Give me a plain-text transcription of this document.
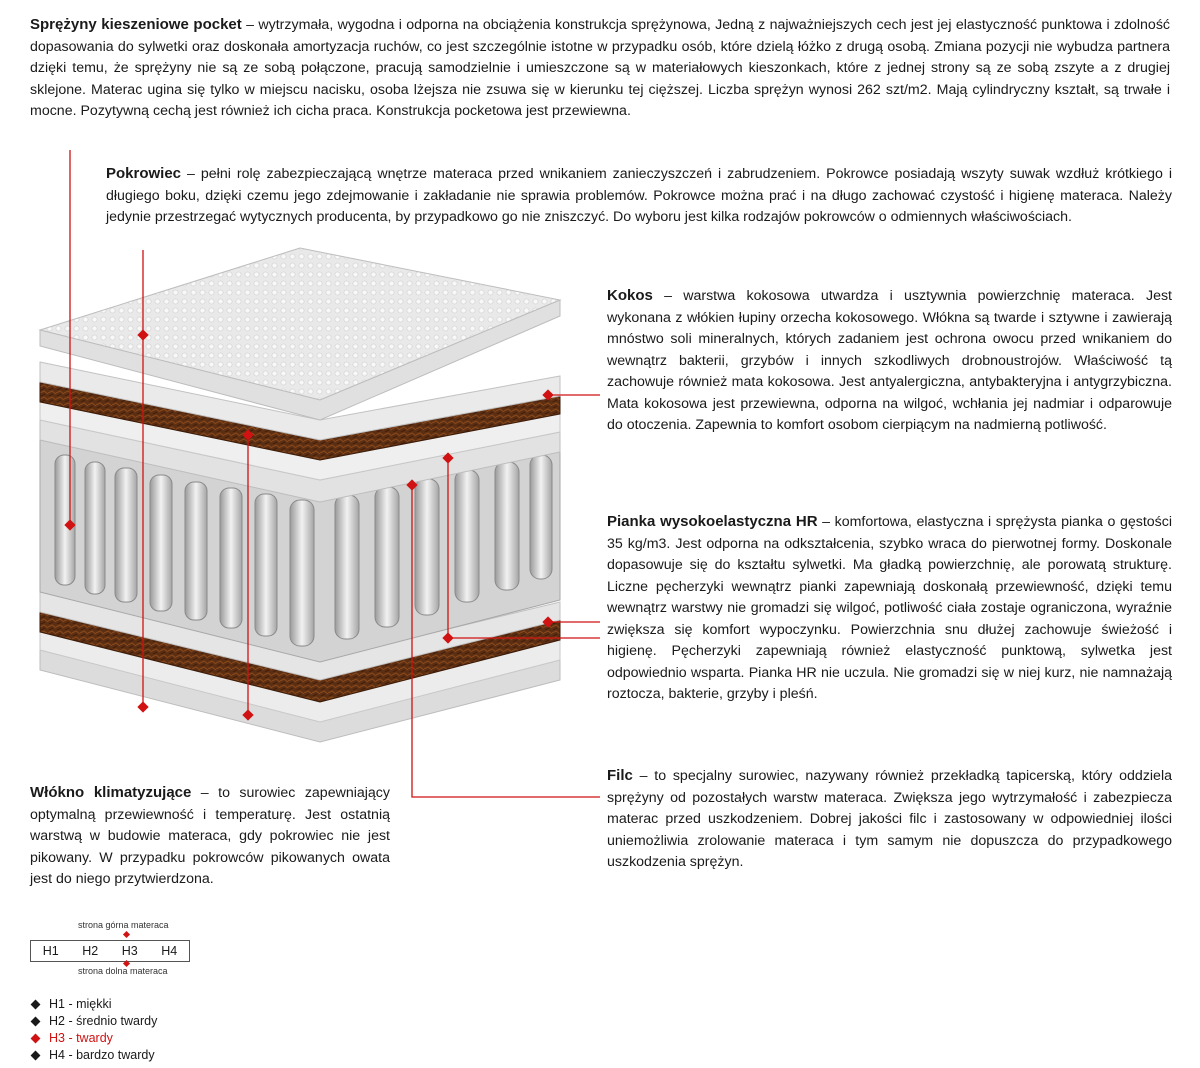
Sprężyny kieszeniowe pocket – wytrzymała, wygodna i odporna na obciążenia konstrukcja sprężynowa, Jedną z najważniejszych cech jest jej elastyczność punktowa i zdolność dopasowania do sylwetki oraz doskonała amortyzacja ruchów, co jest szczególnie istotne w przypadku osób, które dzielą łóżko z drugą osobą. Zmiana pozycji nie wybudza partnera dzięki temu, że sprężyny nie są ze sobą połączone, pracują samodzielnie i umieszczone są w materiałowych kieszonkach, które z jednej strony są ze sobą zszyte a z drugiej sklejone. Materac ugina się tylko w miejscu nacisku, osoba lżejsza nie zsuwa się w kierunku tej cięższej. Liczba sprężyn wynosi 262 szt/m2. Mają cylindryczny kształt, są trwałe i mocne. Pozytywną cechą jest również ich cicha praca. Konstrukcja pocketowa jest przewiewna.
Pokrowiec – pełni rolę zabezpieczającą wnętrze materaca przed wnikaniem zanieczyszczeń i zabrudzeniem. Pokrowce posiadają wszyty suwak wzdłuż krótkiego i długiego boku, dzięki czemu jego zdejmowanie i zakładanie nie sprawia problemów. Pokrowce można prać i na długo zachować czystość i higienę materaca. Należy jedynie przestrzegać wytycznych producenta, by przypadkowo go nie zniszczyć. Do wyboru jest kilka rodzajów pokrowców o odmiennych właściwościach.
Kokos – warstwa kokosowa utwardza i usztywnia powierzchnię materaca. Jest wykonana z włókien łupiny orzecha kokosowego. Włókna są twarde i sztywne i zawierają mnóstwo soli mineralnych, których zadaniem jest ochrona owocu przed wnikaniem do wewnątrz bakterii, grzybów i innych szkodliwych drobnoustrojów. Właściwość tą zachowuje również mata kokosowa. Jest antyalergiczna, antybakteryjna i antygrzybiczna. Mata kokosowa jest przewiewna, odporna na wilgoć, wchłania jej nadmiar i odparowuje do otoczenia. Zapewnia to komfort osobom cierpiącym na nadmierną potliwość.
Pianka wysokoelastyczna HR – komfortowa, elastyczna i sprężysta pianka o gęstości 35 kg/m3. Jest odporna na odkształcenia, szybko wraca do pierwotnej formy. Doskonale dopasowuje się do kształtu sylwetki. Ma gładką powierzchnię, ale porowatą strukturę. Liczne pęcherzyki wewnątrz pianki zapewniają doskonałą przewiewność, dzięki temu wewnątrz warstwy nie gromadzi się wilgoć, potliwość ciała zostaje ograniczona, wyraźnie zwiększa się komfort wypoczynku. Powierzchnia snu dłużej zachowuje świeżość i higienę. Pęcherzyki zapewniają również elastyczność punktową, sylwetka jest odpowiednio wsparta. Pianka HR nie uczula. Nie gromadzi się w niej kurz, nie namnażają roztocza, bakterie, grzyby i pleśń.
Filc – to specjalny surowiec, nazywany również przekładką tapicerską, który oddziela sprężyny od pozostałych warstw materaca. Zwiększa jego wytrzymałość i zabezpiecza materac przed uszkodzeniem. Dobrej jakości filc i zastosowany w odpowiedniej ilości uniemożliwia zrolowanie materaca i tym samym nie dopuszcza do przypadkowego uszkodzenia sprężyn.
Włókno klimatyzujące – to surowiec zapewniający optymalną przewiewność i temperaturę. Jest ostatnią warstwą w budowie materaca, gdy pokrowiec nie jest pikowany. W przypadku pokrowców pikowanych owata jest do niego przytwierdzona.
strona górna materaca
H1	H2	H3	H4
strona dolna materaca
H1 - miękki
H2 - średnio twardy
H3 - twardy
H4 - bardzo twardy
